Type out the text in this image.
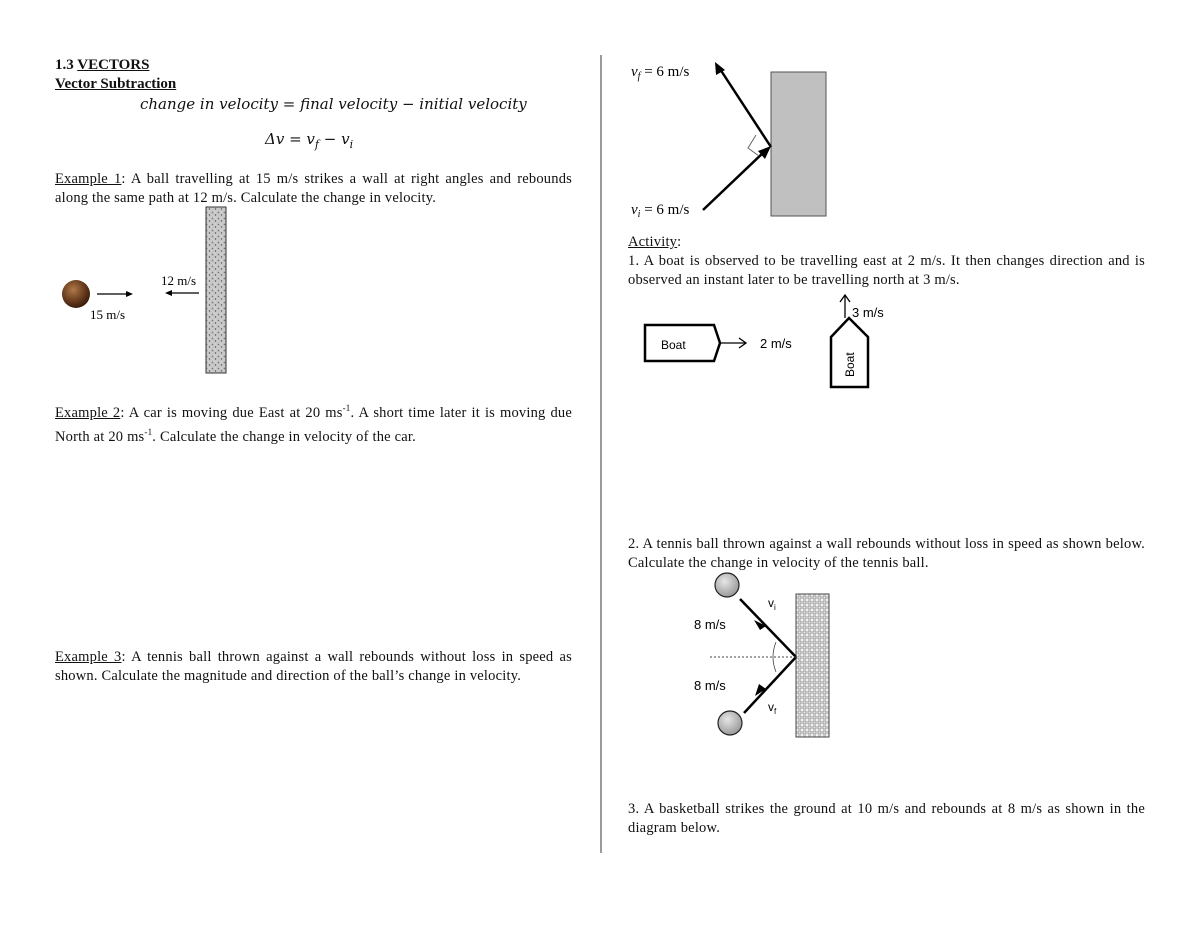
1.3 VECTORS
Vector Subtraction
change in velocity = final velocity − initial velocity
$\Delta v = v_f - v_i$
Example 1: A ball travelling at 15 m/s strikes a wall at right angles and rebounds along the same path at 12 m/s. Calculate the change in velocity.
12 m/s
15 m/s
Example 2: A car is moving due East at 20 $ms^{-1}$. A short time later it is moving due North at 20 $ms^{-1}$. Calculate the change in velocity of the car.
Example 3: A tennis ball thrown against a wall rebounds without loss in speed as shown. Calculate the magnitude and direction of the ball’s change in velocity.
$v_f = 6$ m/s
$v_i = 6$ m/s
Activity:
1. A boat is observed to be travelling east at 2 m/s. It then changes direction and is observed an instant later to be travelling north at 3 m/s.
Boat	2 m/s
Boat
3 m/s
2. A tennis ball thrown against a wall rebounds without loss in speed as shown below. Calculate the change in velocity of the tennis ball.
8 m/s
8 m/s
$v_i$
$v_f$
3. A basketball strikes the ground at 10 m/s and rebounds at 8 m/s as shown in the diagram below.
